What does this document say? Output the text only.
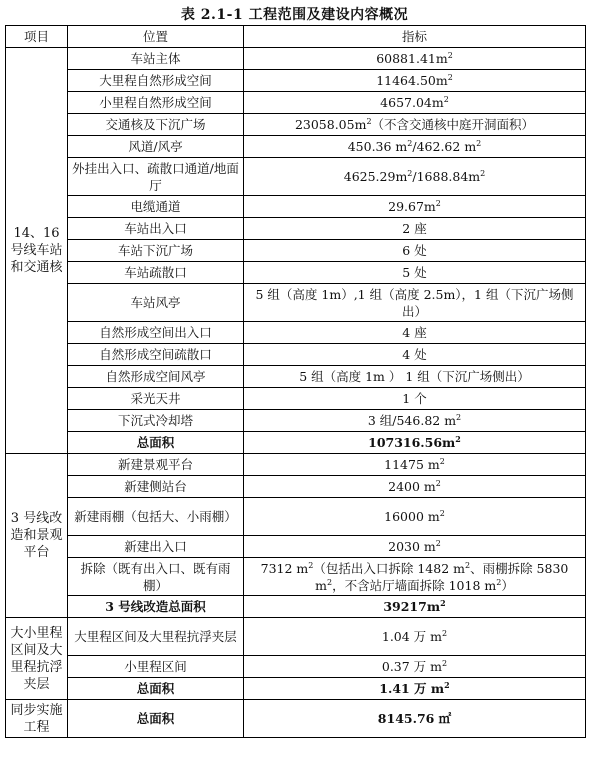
表 2.1-1 工程范围及建设内容概况
项目	位置	指标
14、16 号线车站和交通核	车站主体	$60881.41m^2$
	大里程自然形成空间	$11464.50m^2$
	小里程自然形成空间	$4657.04m^2$
	交通核及下沉广场	$23058.05m^2$（不含交通核中庭开洞面积）
	风道/风亭	450.36 $m^2/462.62$ $m^2$
	外挂出入口、疏散口通道/地面厅	$4625.29m^2/1688.84m^2$
	电缆通道	$29.67m^2$
	车站出入口	2 座
	车站下沉广场	6 处
	车站疏散口	5 处
	车站风亭	5 组（高度 1m）,1 组（高度 2.5m），1 组（下沉广场侧出）
	自然形成空间出入口	4 座
	自然形成空间疏散口	4 处
	自然形成空间风亭	5 组（高度 1m ） 1 组（下沉广场侧出）
	采光天井	1 个
	下沉式冷却塔	3 组/546.82 $m^2$
	总面积	$107316.56m^2$
3 号线改造和景观平台	新建景观平台	11475 $m^2$
	新建侧站台	2400 $m^2$
	新建雨棚（包括大、小雨棚）	16000 $m^2$
	新建出入口	2030 $m^2$
	拆除（既有出入口、既有雨棚）	7312 $m^2$（包括出入口拆除 1482 $m^2$、雨棚拆除 5830 $m^2$，不含站厅墙面拆除 1018 $m^2$）
	3 号线改造总面积	$39217m^2$
大小里程区间及大里程抗浮夹层	大里程区间及大里程抗浮夹层	1.04 万 $m^2$
	小里程区间	0.37 万 $m^2$
	总面积	1.41 万 $m^2$
同步实施工程	总面积	8145.76 ㎡
